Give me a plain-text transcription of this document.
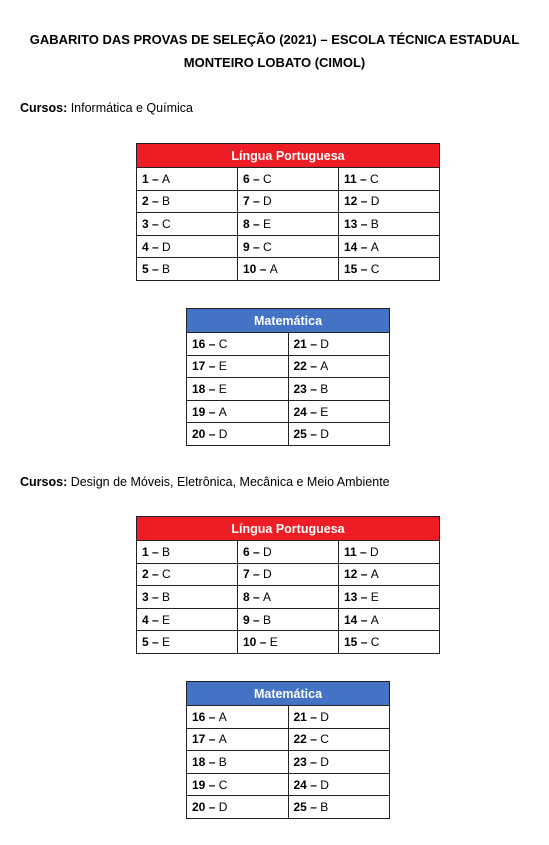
GABARITO DAS PROVAS DE SELEÇÃO (2021) – ESCOLA TÉCNICA ESTADUAL
MONTEIRO LOBATO (CIMOL)
Cursos: Informática e Química
Língua Portuguesa		
1 – A	6 – C	11 – C
2 – B	7 – D	12 – D
3 – C	8 – E	13 – B
4 – D	9 – C	14 – A
5 – B	10 – A	15 – C
Matemática	
16 – C	21 – D
17 – E	22 – A
18 – E	23 – B
19 – A	24 – E
20 – D	25 – D
Cursos: Design de Móveis, Eletrônica, Mecânica e Meio Ambiente
Língua Portuguesa		
1 – B	6 – D	11 – D
2 – C	7 – D	12 – A
3 – B	8 – A	13 – E
4 – E	9 – B	14 – A
5 – E	10 – E	15 – C
Matemática	
16 – A	21 – D
17 – A	22 – C
18 – B	23 – D
19 – C	24 – D
20 – D	25 – B
